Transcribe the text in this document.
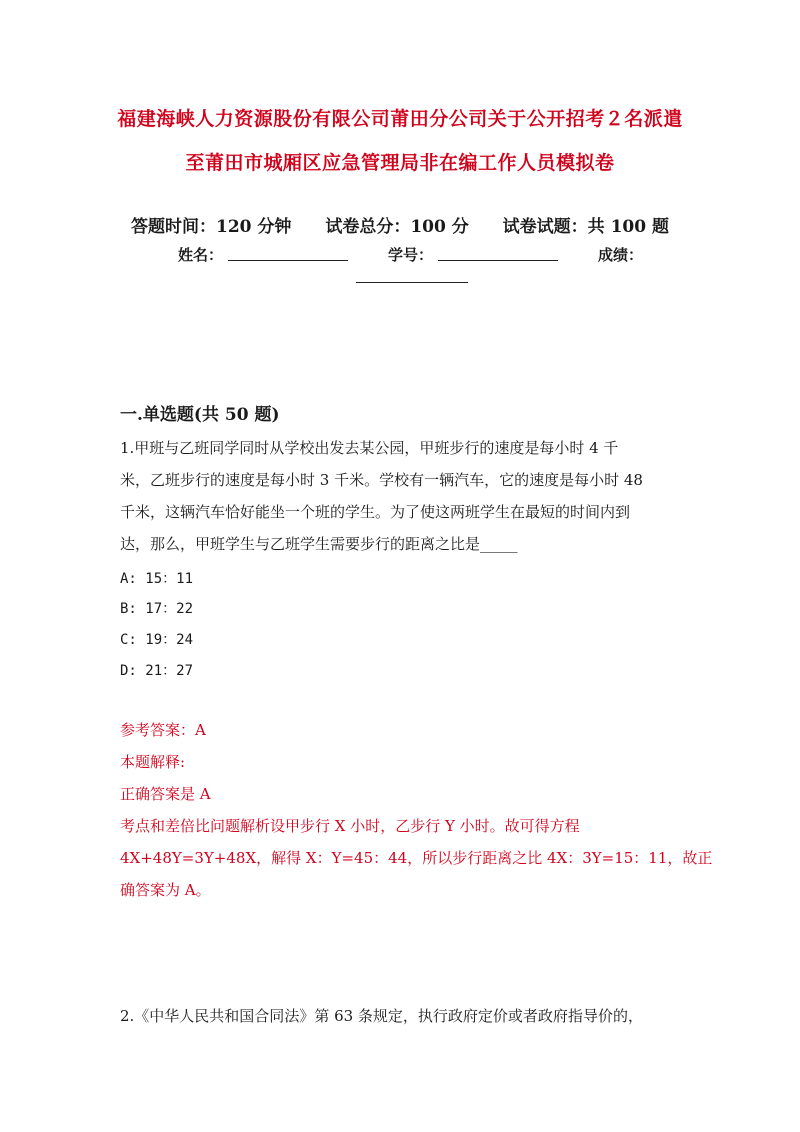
福建海峡人力资源股份有限公司莆田分公司关于公开招考２名派遣
至莆田市城厢区应急管理局非在编工作人员模拟卷
答题时间：120 分钟 试卷总分：100 分 试卷试题：共 100 题
姓名：	学号：	成绩：
一.单选题(共 50 题)
1.甲班与乙班同学同时从学校出发去某公园，甲班步行的速度是每小时 4 千
米，乙班步行的速度是每小时 3 千米。学校有一辆汽车，它的速度是每小时 48
千米，这辆汽车恰好能坐一个班的学生。为了使这两班学生在最短的时间内到
达，那么，甲班学生与乙班学生需要步行的距离之比是_____
A: 15：11
B: 17：22
C: 19：24
D: 21：27
参考答案：A
本题解释:
正确答案是 A
考点和差倍比问题解析设甲步行 X 小时，乙步行 Y 小时。故可得方程
4X+48Y=3Y+48X，解得 X：Y=45：44，所以步行距离之比 4X：3Y=15：11，故正
确答案为 A。
2.《中华人民共和国合同法》第 63 条规定，执行政府定价或者政府指导价的，
